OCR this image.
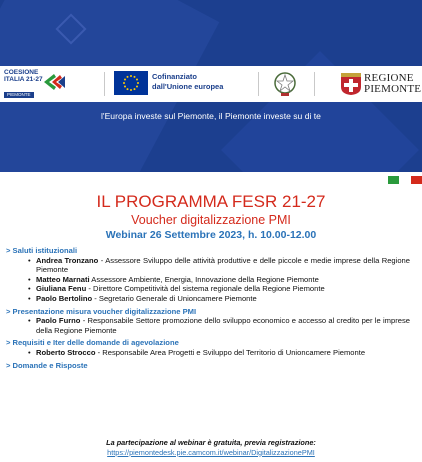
COESIONE
ITALIA 21-27
PIEMONTE
Cofinanziato
dall'Unione europea
REGIONE
PIEMONTE
l'Europa investe sul Piemonte, il Piemonte investe su di te
IL PROGRAMMA FESR 21-27
Voucher digitalizzazione PMI
Webinar 26 Settembre 2023, h. 10.00-12.00
> Saluti istituzionali
• Andrea Tronzano - Assessore Sviluppo delle attività produttive e delle piccole e medie imprese della Regione Piemonte
• Matteo Marnati Assessore Ambiente, Energia, Innovazione della Regione Piemonte
• Giuliana Fenu - Direttore Competitività del sistema regionale della Regione Piemonte
• Paolo Bertolino - Segretario Generale di Unioncamere Piemonte
> Presentazione misura voucher digitalizzazione PMI
• Paolo Furno - Responsabile Settore promozione dello sviluppo economico e accesso al credito per le imprese della Regione Piemonte
> Requisiti e Iter delle domande di agevolazione
• Roberto Strocco - Responsabile Area Progetti e Sviluppo del Territorio di Unioncamere Piemonte
> Domande e Risposte
La partecipazione al webinar è gratuita, previa registrazione:
https://piemontedesk.pie.camcom.it/webinar/DigitalizzazionePMI
